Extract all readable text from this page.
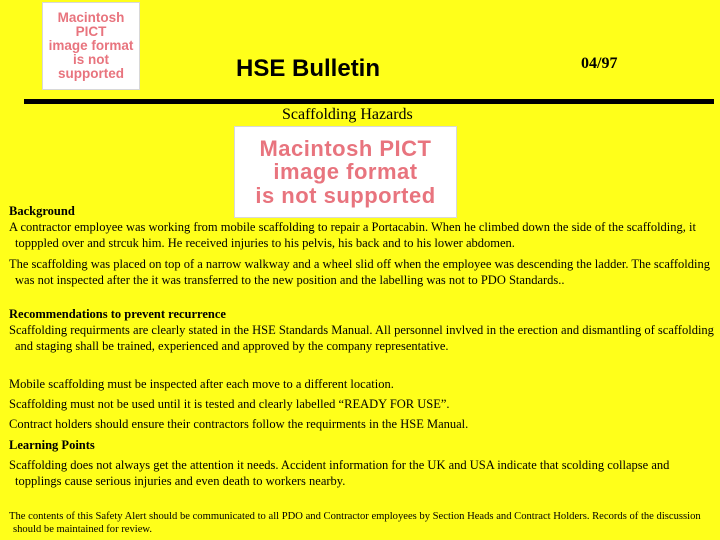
Macintosh PICT
image format
is not supported	HSE Bulletin	04/97
Scaffolding Hazards
Macintosh PICT
image format
is not supported

Background

A contractor employee was working from mobile scaffolding to repair a Portacabin. When he climbed down the side of the scaffolding, it topppled over and strcuk him. He received injuries to his pelvis, his back and to his lower abdomen.

The scaffolding was placed on top of a narrow walkway and a wheel slid off when the employee was descending the ladder. The scaffolding was not inspected after the it was transferred to the new position and the labelling was not to PDO Standards..

Recommendations to prevent recurrence

Scaffolding requirments are clearly stated in the HSE Standards Manual. All personnel invlved in the erection and dismantling of scaffolding and staging shall be trained, experienced and approved by the company representative.

Mobile scaffolding must be inspected after each move to a different location.

Scaffolding must not be used until it is tested and clearly labelled “READY FOR USE”.

Contract holders should ensure their contractors follow the requirments in the HSE Manual.

Learning Points

Scaffolding does not always get the attention it needs. Accident information for the UK and USA indicate that scolding collapse and topplings cause serious injuries and even death to workers nearby.

The contents of this Safety Alert should be communicated to all PDO and Contractor employees by Section Heads and Contract Holders. Records of the discussion should be maintained for review.
